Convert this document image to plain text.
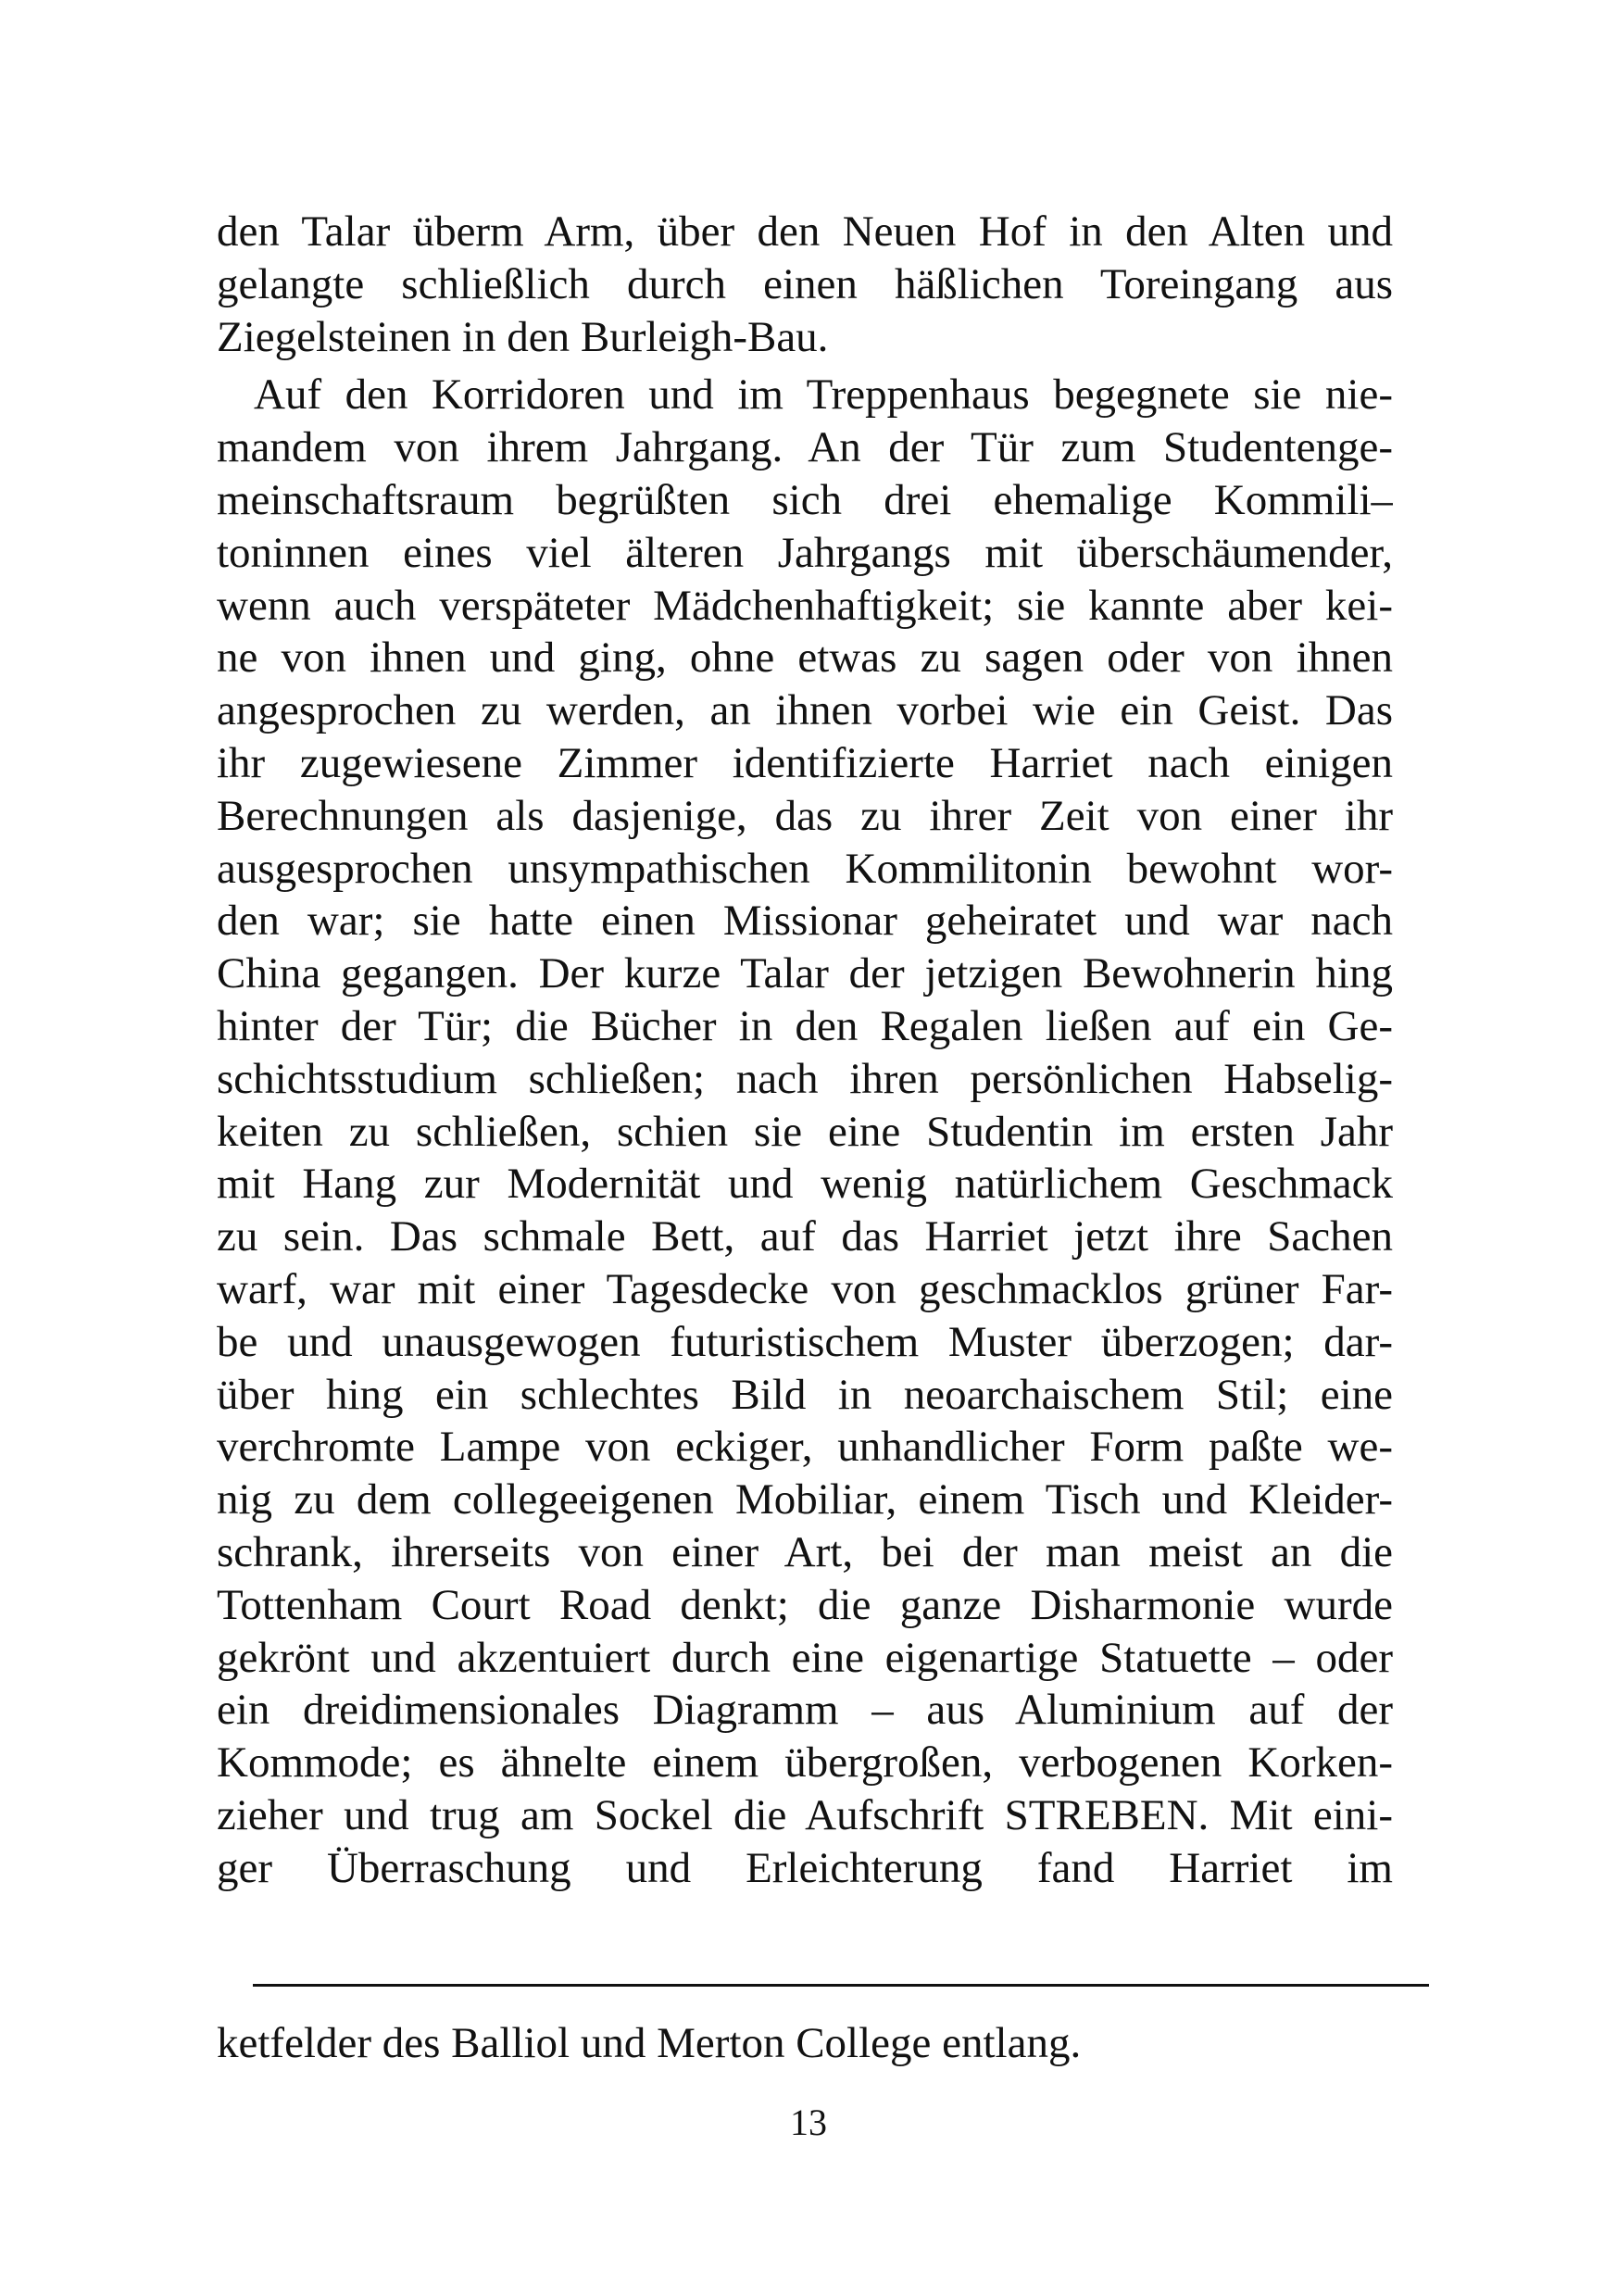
den Talar überm Arm, über den Neuen Hof in den Alten und
gelangte schließlich durch einen häßlichen Toreingang aus
Ziegelsteinen in den Burleigh-Bau.
Auf den Korridoren und im Treppenhaus begegnete sie nie-
mandem von ihrem Jahrgang. An der Tür zum Studentenge-
meinschaftsraum begrüßten sich drei ehemalige Kommili–
toninnen eines viel älteren Jahrgangs mit überschäumender,
wenn auch verspäteter Mädchenhaftigkeit; sie kannte aber kei-
ne von ihnen und ging, ohne etwas zu sagen oder von ihnen
angesprochen zu werden, an ihnen vorbei wie ein Geist. Das
ihr zugewiesene Zimmer identifizierte Harriet nach einigen
Berechnungen als dasjenige, das zu ihrer Zeit von einer ihr
ausgesprochen unsympathischen Kommilitonin bewohnt wor-
den war; sie hatte einen Missionar geheiratet und war nach
China gegangen. Der kurze Talar der jetzigen Bewohnerin hing
hinter der Tür; die Bücher in den Regalen ließen auf ein Ge-
schichtsstudium schließen; nach ihren persönlichen Habselig-
keiten zu schließen, schien sie eine Studentin im ersten Jahr
mit Hang zur Modernität und wenig natürlichem Geschmack
zu sein. Das schmale Bett, auf das Harriet jetzt ihre Sachen
warf, war mit einer Tagesdecke von geschmacklos grüner Far-
be und unausgewogen futuristischem Muster überzogen; dar-
über hing ein schlechtes Bild in neoarchaischem Stil; eine
verchromte Lampe von eckiger, unhandlicher Form paßte we-
nig zu dem collegeeigenen Mobiliar, einem Tisch und Kleider-
schrank, ihrerseits von einer Art, bei der man meist an die
Tottenham Court Road denkt; die ganze Disharmonie wurde
gekrönt und akzentuiert durch eine eigenartige Statuette – oder
ein dreidimensionales Diagramm – aus Aluminium auf der
Kommode; es ähnelte einem übergroßen, verbogenen Korken-
zieher und trug am Sockel die Aufschrift STREBEN. Mit eini-
ger Überraschung und Erleichterung fand Harriet im
ketfelder des Balliol und Merton College entlang.
13
